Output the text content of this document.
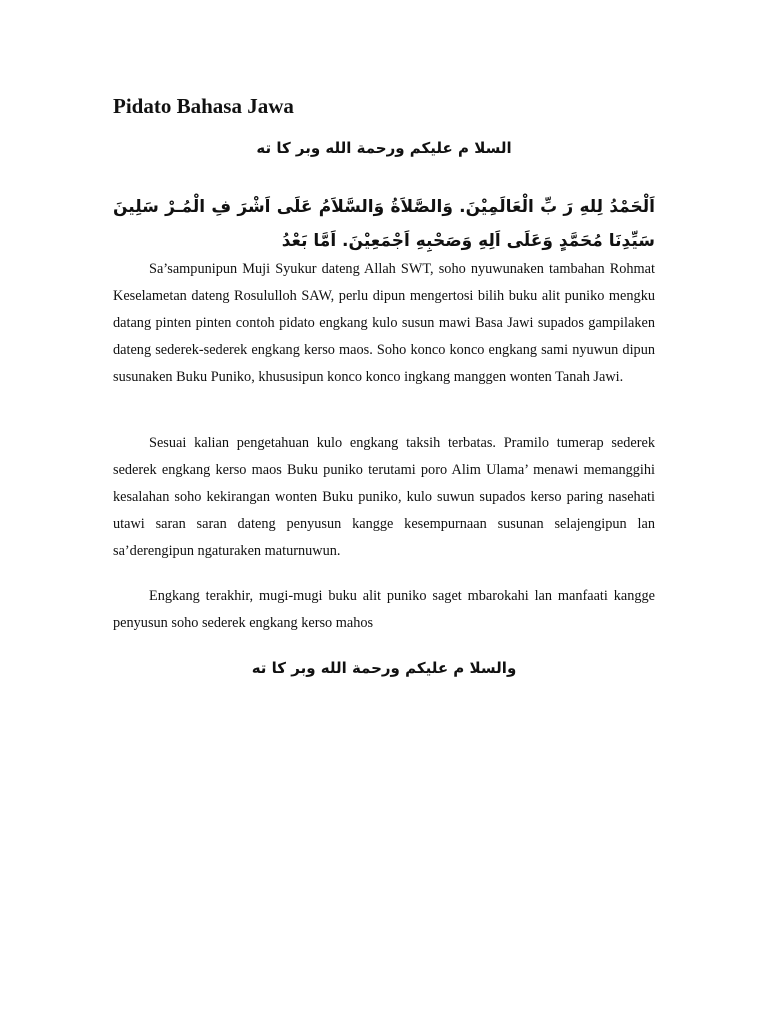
Pidato Bahasa Jawa

السلا م عليكم ورحمة الله وبر كا ته

اَلْحَمْدُ لِلهِ رَ بِّ الْعَالَمِيْنَ. وَالصَّلاَةُ وَالسَّلاَمُ عَلَى اَشْرَ فِ الْمُـرْ سَلِينَ سَيِّدِنَا مُحَمَّدٍ وَعَلَى اَلِهِ وَصَحْبِهِ اَجْمَعِيْنَ. اَمَّا بَعْدُ

Sa’sampunipun Muji Syukur dateng Allah SWT, soho nyuwunaken tambahan Rohmat Keselametan dateng Rosululloh SAW, perlu dipun mengertosi bilih buku alit puniko mengku datang pinten pinten contoh pidato engkang kulo susun mawi Basa Jawi supados gampilaken dateng sederek-sederek engkang kerso maos. Soho konco konco engkang sami nyuwun dipun susunaken Buku Puniko, khususipun konco konco ingkang manggen wonten Tanah Jawi.

Sesuai kalian pengetahuan kulo engkang taksih terbatas. Pramilo tumerap sederek sederek engkang kerso maos Buku puniko terutami poro Alim Ulama’ menawi memanggihi kesalahan soho kekirangan wonten Buku puniko, kulo suwun supados kerso paring nasehati utawi saran saran dateng penyusun kangge kesempurnaan susunan selajengipun lan sa’derengipun ngaturaken maturnuwun.

Engkang terakhir, mugi-mugi buku alit puniko saget mbarokahi lan manfaati kangge penyusun soho sederek engkang kerso mahos

والسلا م عليكم ورحمة الله وبر كا ته
